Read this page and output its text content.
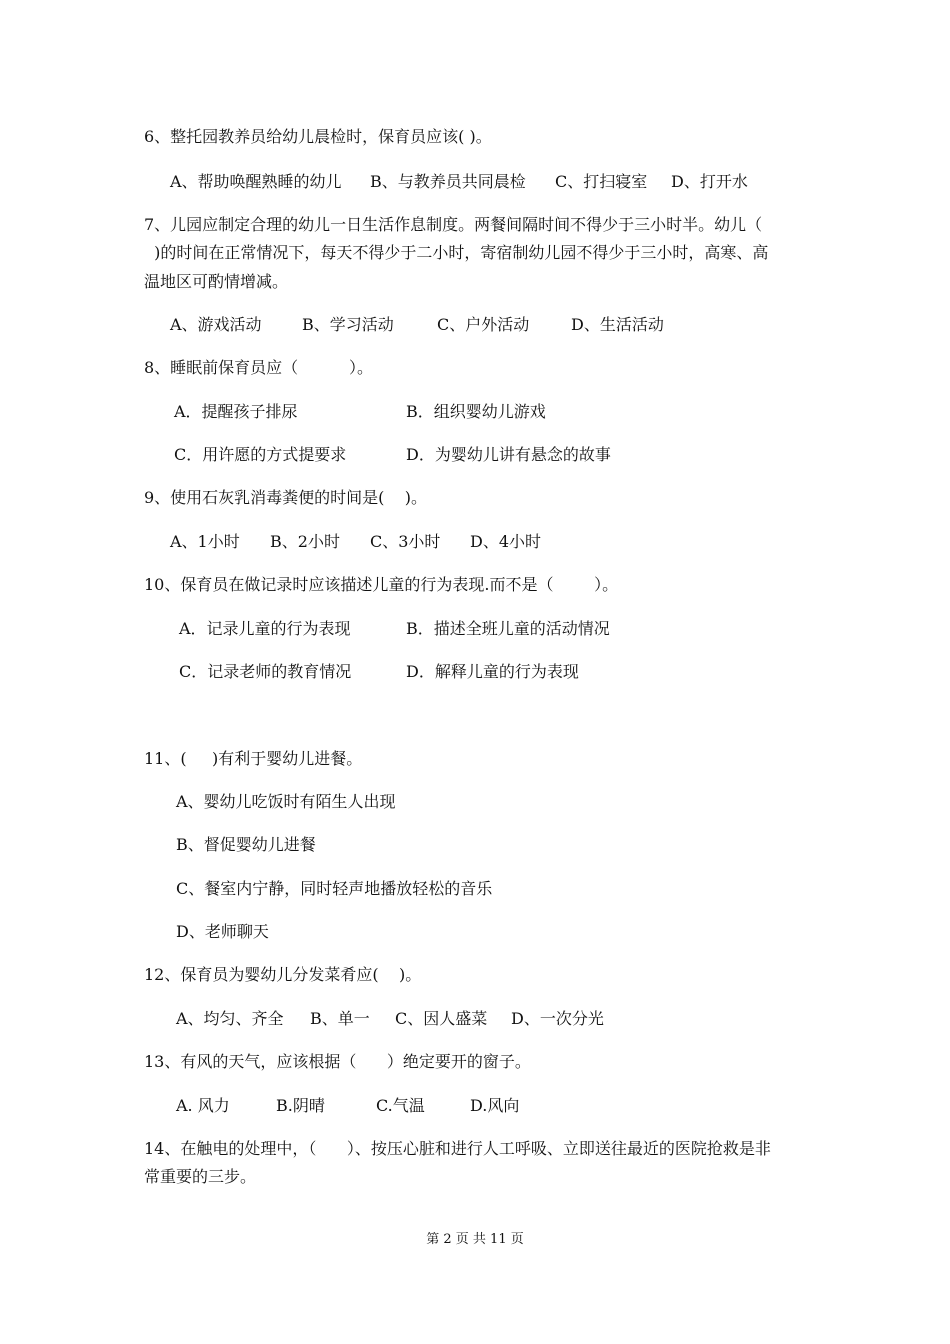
6、整托园教养员给幼儿晨检时，保育员应该( )。
A、帮助唤醒熟睡的幼儿 B、与教养员共同晨检 C、打扫寝室 D、打开水
7、儿园应制定合理的幼儿一日生活作息制度。两餐间隔时间不得少于三小时半。幼儿（
)的时间在正常情况下，每天不得少于二小时，寄宿制幼儿园不得少于三小时，高寒、高
温地区可酌情增减。
A、游戏活动	B、学习活动	C、户外活动	D、生活活动
8、睡眠前保育员应（          ）。
A．提醒孩子排尿	B．组织婴幼儿游戏
C．用许愿的方式提要求	D．为婴幼儿讲有悬念的故事
9、使用石灰乳消毒粪便的时间是(    )。
A、1小时 B、2小时 C、3小时 D、4小时
10、保育员在做记录时应该描述儿童的行为表现.而不是（        ）。
A．记录儿童的行为表现	B．描述全班儿童的活动情况
C．记录老师的教育情况	D．解释儿童的行为表现
11、(     )有利于婴幼儿进餐。
A、婴幼儿吃饭时有陌生人出现
B、督促婴幼儿进餐
C、餐室内宁静，同时轻声地播放轻松的音乐
D、老师聊天
12、保育员为婴幼儿分发菜肴应(    )。
A、均匀、齐全 B、单一 C、因人盛菜 D、一次分光
13、有风的天气，应该根据（      ）绝定要开的窗子。
A. 风力	B.阴晴	C.气温	D.风向
14、在触电的处理中，（      ）、按压心脏和进行人工呼吸、立即送往最近的医院抢救是非
常重要的三步。
第 2 页 共 11 页
